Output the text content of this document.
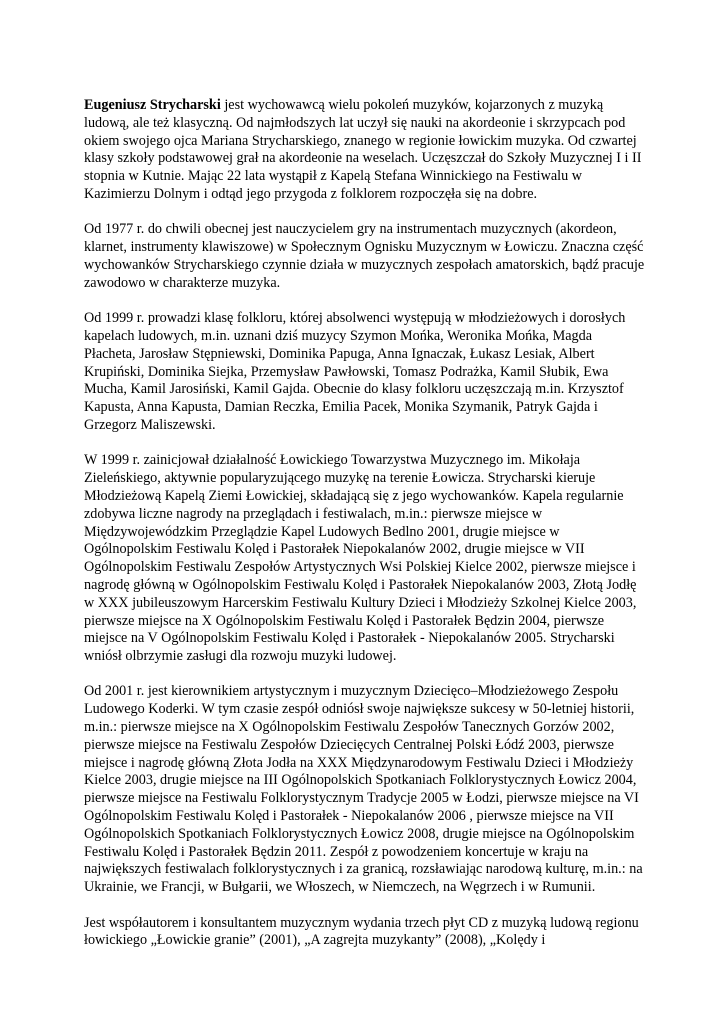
Eugeniusz Strycharski jest wychowawcą wielu pokoleń muzyków, kojarzonych z muzyką ludową, ale też klasyczną. Od najmłodszych lat uczył się nauki na akordeonie i skrzypcach pod okiem swojego ojca Mariana Strycharskiego, znanego w regionie łowickim muzyka. Od czwartej klasy szkoły podstawowej grał na akordeonie na weselach. Uczęszczał do Szkoły Muzycznej I i II stopnia w Kutnie. Mając 22 lata wystąpił z Kapelą Stefana Winnickiego na Festiwalu w Kazimierzu Dolnym i odtąd jego przygoda z folklorem rozpoczęła się na dobre.

Od 1977 r. do chwili obecnej jest nauczycielem gry na instrumentach muzycznych (akordeon, klarnet, instrumenty klawiszowe) w Społecznym Ognisku Muzycznym w Łowiczu. Znaczna część wychowanków Strycharskiego czynnie działa w muzycznych zespołach amatorskich, bądź pracuje zawodowo w charakterze muzyka.

Od 1999 r. prowadzi klasę folkloru, której absolwenci występują w młodzieżowych i dorosłych kapelach ludowych, m.in. uznani dziś muzycy Szymon Mońka, Weronika Mońka, Magda Płacheta, Jarosław Stępniewski, Dominika Papuga, Anna Ignaczak, Łukasz Lesiak, Albert Krupiński, Dominika Siejka, Przemysław Pawłowski, Tomasz Podrażka, Kamil Słubik, Ewa Mucha, Kamil Jarosiński, Kamil Gajda. Obecnie do klasy folkloru uczęszczają m.in. Krzysztof Kapusta, Anna Kapusta, Damian Reczka, Emilia Pacek, Monika Szymanik, Patryk Gajda i Grzegorz Maliszewski.

W 1999 r. zainicjował działalność Łowickiego Towarzystwa Muzycznego im. Mikołaja Zieleńskiego, aktywnie popularyzującego muzykę na terenie Łowicza. Strycharski kieruje Młodzieżową Kapelą Ziemi Łowickiej, składającą się z jego wychowanków. Kapela regularnie zdobywa liczne nagrody na przeglądach i festiwalach, m.in.: pierwsze miejsce w Międzywojewódzkim Przeglądzie Kapel Ludowych Bedlno 2001, drugie miejsce w Ogólnopolskim Festiwalu Kolęd i Pastorałek Niepokalanów 2002, drugie miejsce w VII Ogólnopolskim Festiwalu Zespołów Artystycznych Wsi Polskiej Kielce 2002, pierwsze miejsce i nagrodę główną w Ogólnopolskim Festiwalu Kolęd i Pastorałek Niepokalanów 2003, Złotą Jodłę w XXX jubileuszowym Harcerskim Festiwalu Kultury Dzieci i Młodzieży Szkolnej Kielce 2003, pierwsze miejsce na X Ogólnopolskim Festiwalu Kolęd i Pastorałek Będzin 2004, pierwsze miejsce na V Ogólnopolskim Festiwalu Kolęd i Pastorałek - Niepokalanów 2005. Strycharski wniósł olbrzymie zasługi dla rozwoju muzyki ludowej.

Od 2001 r. jest kierownikiem artystycznym i muzycznym Dziecięco–Młodzieżowego Zespołu Ludowego Koderki. W tym czasie zespół odniósł swoje największe sukcesy w 50-letniej historii, m.in.: pierwsze miejsce na X Ogólnopolskim Festiwalu Zespołów Tanecznych Gorzów 2002, pierwsze miejsce na Festiwalu Zespołów Dziecięcych Centralnej Polski Łódź 2003, pierwsze miejsce i nagrodę główną Złota Jodła na XXX Międzynarodowym Festiwalu Dzieci i Młodzieży Kielce 2003, drugie miejsce na III Ogólnopolskich Spotkaniach Folklorystycznych Łowicz 2004, pierwsze miejsce na Festiwalu Folklorystycznym Tradycje 2005 w Łodzi, pierwsze miejsce na VI Ogólnopolskim Festiwalu Kolęd i Pastorałek - Niepokalanów 2006 , pierwsze miejsce na VII Ogólnopolskich Spotkaniach Folklorystycznych Łowicz 2008, drugie miejsce na Ogólnopolskim Festiwalu Kolęd i Pastorałek Będzin 2011. Zespół z powodzeniem koncertuje w kraju na największych festiwalach folklorystycznych i za granicą, rozsławiając narodową kulturę, m.in.: na Ukrainie, we Francji, w Bułgarii, we Włoszech, w Niemczech, na Węgrzech i w Rumunii.

Jest współautorem i konsultantem muzycznym wydania trzech płyt CD z muzyką ludową regionu łowickiego „Łowickie granie” (2001), „A zagrejta muzykanty” (2008), „Kolędy i
